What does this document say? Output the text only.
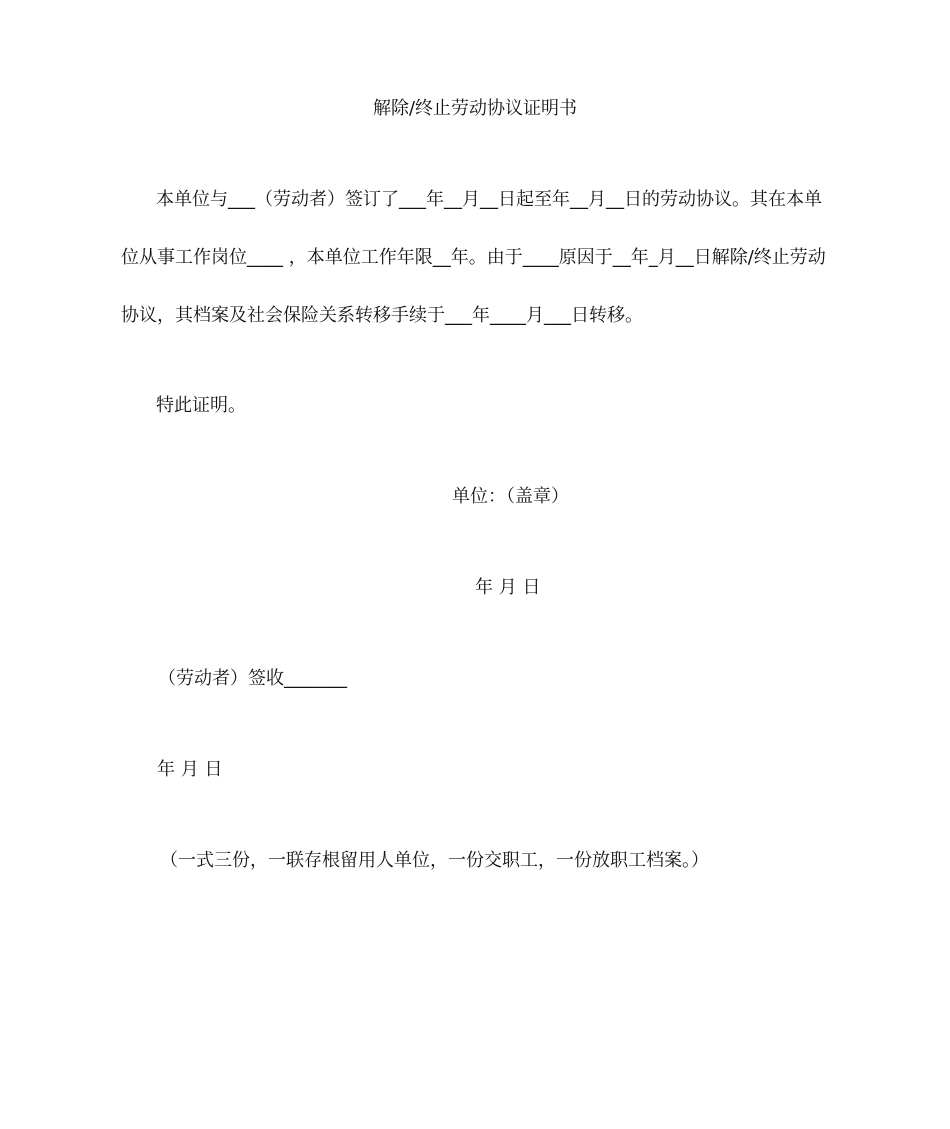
解除/终止劳动协议证明书
本单位与___（劳动者）签订了___年__月__日起至年__月__日的劳动协议。其在本单
位从事工作岗位____ ，本单位工作年限__年。由于____原因于__年_月__日解除/终止劳动
协议，其档案及社会保险关系转移手续于___年____月___日转移。
特此证明。
单位：（盖章）
年 月 日
（劳动者）签收_______
年 月 日
（一式三份，一联存根留用人单位，一份交职工，一份放职工档案。）
